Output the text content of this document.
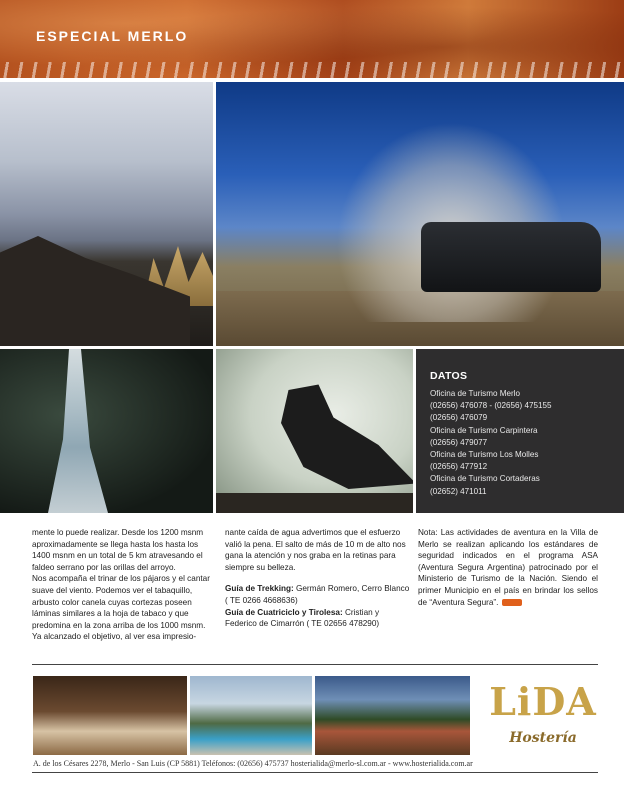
ESPECIAL MERLO
DATOS
Oficina de Turismo Merlo
(02656) 476078 - (02656) 475155
(02656) 476079
Oficina de Turismo Carpintera
(02656) 479077
Oficina de Turismo Los Molles
(02656) 477912
Oficina de Turismo Cortaderas
(02652) 471011

mente lo puede realizar. Desde los 1200 msnm aproximadamente se llega hasta los hasta los 1400 msnm en un total de 5 km atravesando el faldeo serrano por las orillas del arroyo.

Nos acompaña el trinar de los pájaros y el cantar suave del viento. Podemos ver el tabaquillo, arbusto color canela cuyas cortezas poseen láminas similares a la hoja de tabaco y que predomina en la zona arriba de los 1000 msnm.

Ya alcanzado el objetivo, al ver esa impresio-

nante caída de agua advertimos que el esfuerzo valió la pena. El salto de más de 10 m de alto nos gana la atención y nos graba en la retinas para siempre su belleza.

Guía de Trekking: Germán Romero, Cerro Blanco ( TE 0266 4668636)

Guía de Cuatriciclo y Tirolesa: Cristian y Federico de Cimarrón ( TE 02656 478290)

Nota: Las actividades de aventura en la Villa de Merlo se realizan aplicando los estándares de seguridad indicados en el programa ASA (Aventura Segura Argentina) patrocinado por el Ministerio de Turismo de la Nación. Siendo el primer Municipio en el país en brindar los sellos de “Aventura Segura”.

LiDA
Hostería
A. de los Césares 2278, Merlo - San Luis (CP 5881) Teléfonos: (02656) 475737 hosterialida@merlo-sl.com.ar - www.hosterialida.com.ar
